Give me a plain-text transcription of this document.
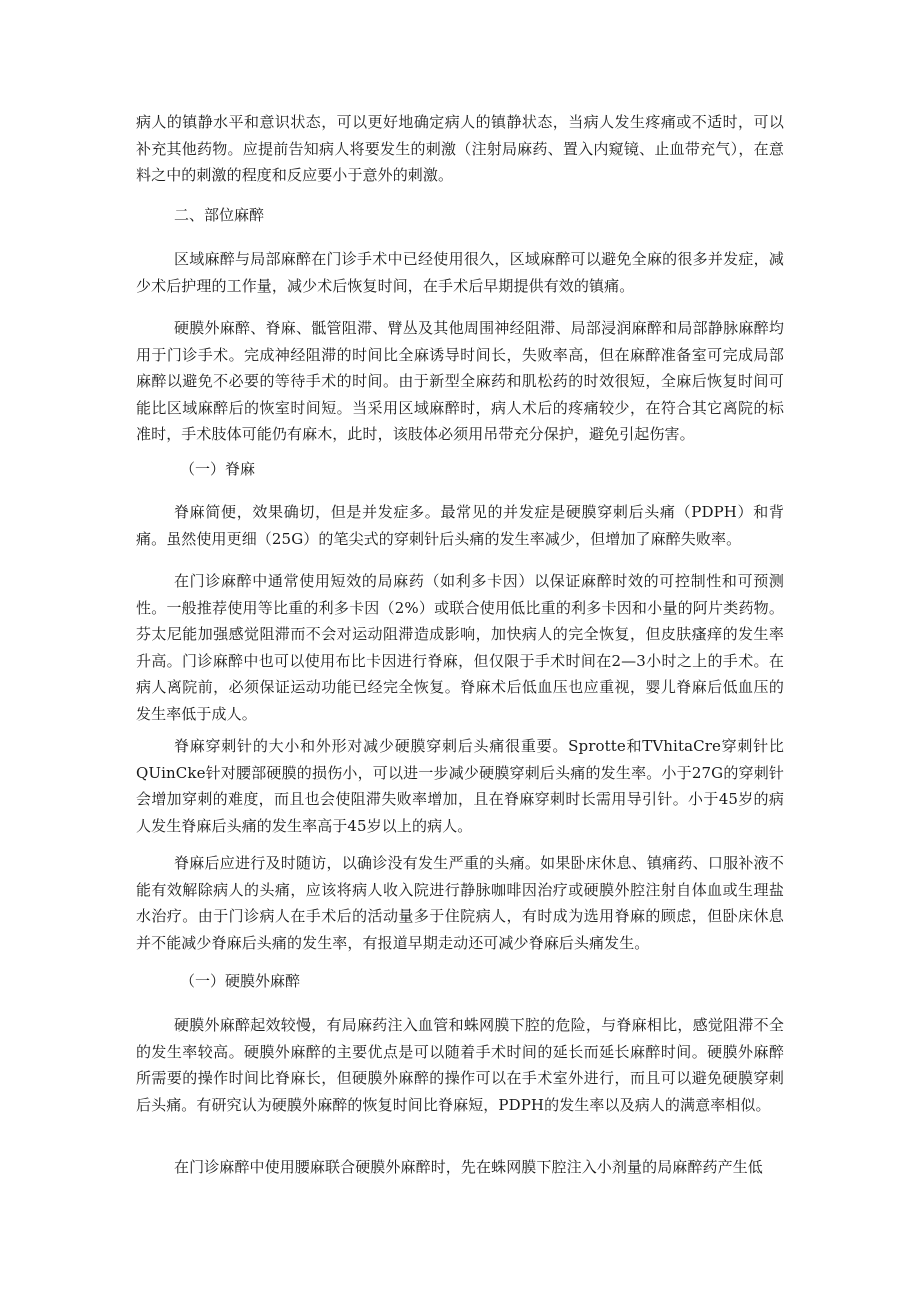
病人的镇静水平和意识状态，可以更好地确定病人的镇静状态，当病人发生疼痛或不适时，可以补充其他药物。应提前告知病人将要发生的刺激（注射局麻药、置入内窥镜、止血带充气），在意料之中的刺激的程度和反应要小于意外的刺激。

二、部位麻醉

区域麻醉与局部麻醉在门诊手术中已经使用很久，区域麻醉可以避免全麻的很多并发症，减少术后护理的工作量，减少术后恢复时间，在手术后早期提供有效的镇痛。

硬膜外麻醉、脊麻、骶管阻滞、臂丛及其他周围神经阻滞、局部浸润麻醉和局部静脉麻醉均用于门诊手术。完成神经阻滞的时间比全麻诱导时间长，失败率高，但在麻醉准备室可完成局部麻醉以避免不必要的等待手术的时间。由于新型全麻药和肌松药的时效很短，全麻后恢复时间可能比区域麻醉后的恢室时间短。当采用区域麻醉时，病人术后的疼痛较少，在符合其它离院的标准时，手术肢体可能仍有麻木，此时，该肢体必须用吊带充分保护，避免引起伤害。

（一）脊麻

脊麻简便，效果确切，但是并发症多。最常见的并发症是硬膜穿刺后头痛（PDPH）和背痛。虽然使用更细（25G）的笔尖式的穿刺针后头痛的发生率减少，但增加了麻醉失败率。

在门诊麻醉中通常使用短效的局麻药（如利多卡因）以保证麻醉时效的可控制性和可预测性。一般推荐使用等比重的利多卡因（2%）或联合使用低比重的利多卡因和小量的阿片类药物。芬太尼能加强感觉阻滞而不会对运动阻滞造成影响，加快病人的完全恢复，但皮肤瘙痒的发生率升高。门诊麻醉中也可以使用布比卡因进行脊麻，但仅限于手术时间在2—3小时之上的手术。在病人离院前，必须保证运动功能已经完全恢复。脊麻术后低血压也应重视，婴儿脊麻后低血压的发生率低于成人。

脊麻穿刺针的大小和外形对减少硬膜穿刺后头痛很重要。Sprotte和TVhitaCre穿刺针比QUinCke针对腰部硬膜的损伤小，可以进一步减少硬膜穿刺后头痛的发生率。小于27G的穿刺针会增加穿刺的难度，而且也会使阻滞失败率增加，且在脊麻穿刺时长需用导引针。小于45岁的病人发生脊麻后头痛的发生率高于45岁以上的病人。

脊麻后应进行及时随访，以确诊没有发生严重的头痛。如果卧床休息、镇痛药、口服补液不能有效解除病人的头痛，应该将病人收入院进行静脉咖啡因治疗或硬膜外腔注射自体血或生理盐水治疗。由于门诊病人在手术后的活动量多于住院病人，有时成为选用脊麻的顾虑，但卧床休息并不能减少脊麻后头痛的发生率，有报道早期走动还可减少脊麻后头痛发生。

（一）硬膜外麻醉

硬膜外麻醉起效较慢，有局麻药注入血管和蛛网膜下腔的危险，与脊麻相比，感觉阻滞不全的发生率较高。硬膜外麻醉的主要优点是可以随着手术时间的延长而延长麻醉时间。硬膜外麻醉所需要的操作时间比脊麻长，但硬膜外麻醉的操作可以在手术室外进行，而且可以避免硬膜穿刺后头痛。有研究认为硬膜外麻醉的恢复时间比脊麻短，PDPH的发生率以及病人的满意率相似。

在门诊麻醉中使用腰麻联合硬膜外麻醉时，先在蛛网膜下腔注入小剂量的局麻醉药产生低
